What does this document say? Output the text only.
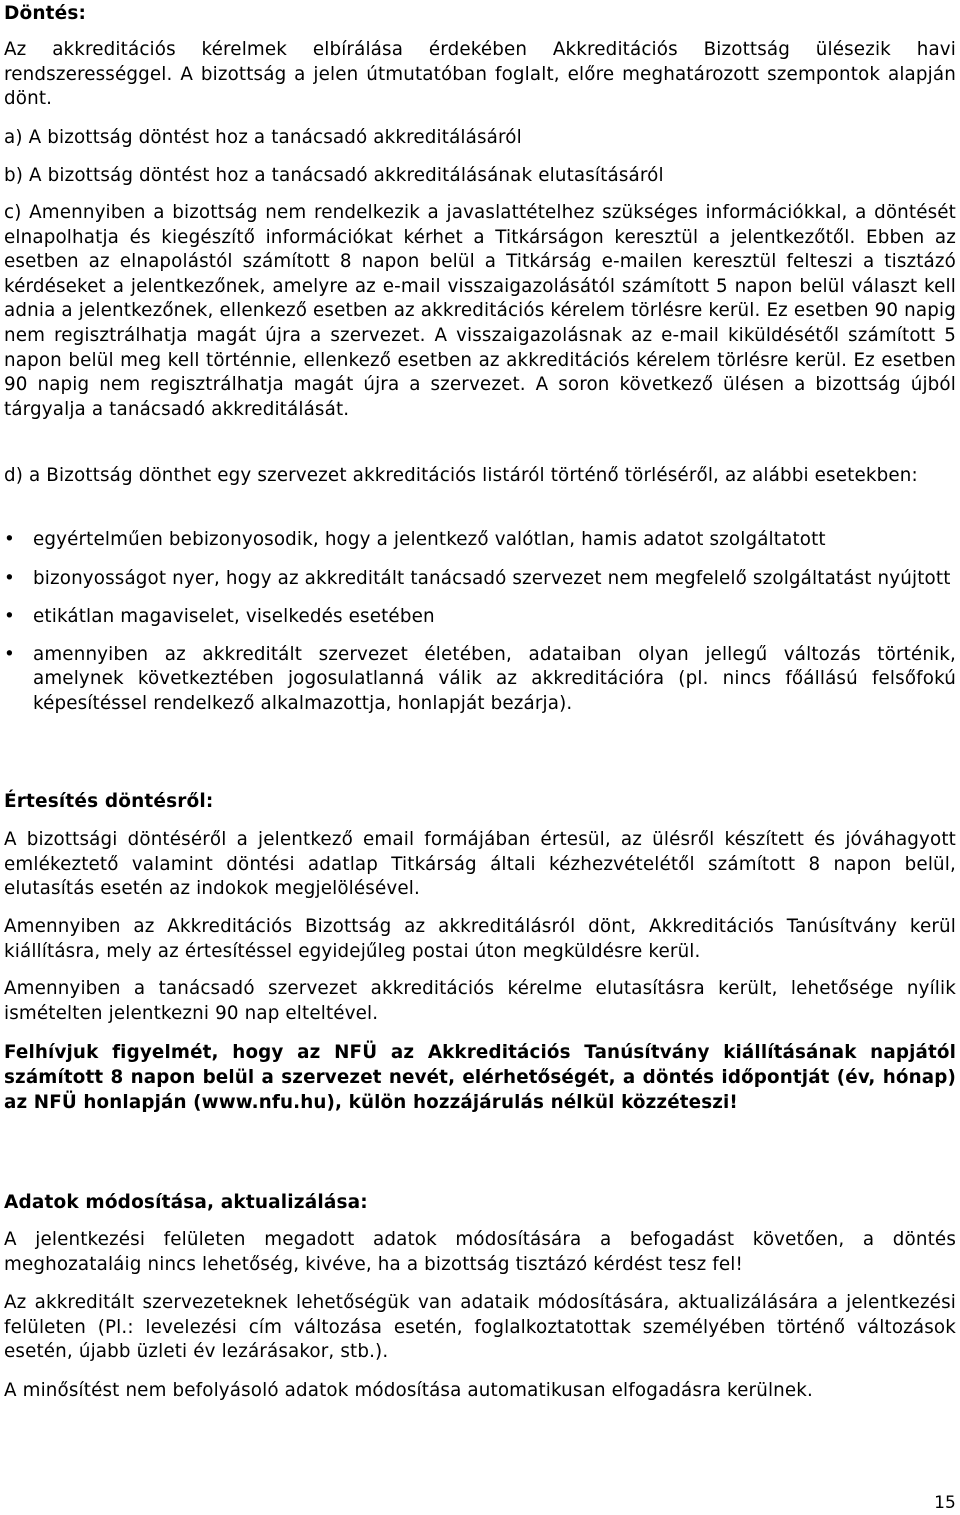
Döntés:

Az akkreditációs kérelmek elbírálása érdekében Akkreditációs Bizottság ülésezik havi rendszerességgel. A bizottság a jelen útmutatóban foglalt, előre meghatározott szempontok alapján dönt.

a) A bizottság döntést hoz a tanácsadó akkreditálásáról

b) A bizottság döntést hoz a tanácsadó akkreditálásának elutasításáról

c) Amennyiben a bizottság nem rendelkezik a javaslattételhez szükséges információkkal, a döntését elnapolhatja és kiegészítő információkat kérhet a Titkárságon keresztül a jelentkezőtől. Ebben az esetben az elnapolástól számított 8 napon belül a Titkárság e-mailen keresztül felteszi a tisztázó kérdéseket a jelentkezőnek, amelyre az e-mail visszaigazolásától számított 5 napon belül választ kell adnia a jelentkezőnek, ellenkező esetben az akkreditációs kérelem törlésre kerül. Ez esetben 90 napig nem regisztrálhatja magát újra a szervezet. A visszaigazolásnak az e-mail kiküldésétől számított 5 napon belül meg kell történnie, ellenkező esetben az akkreditációs kérelem törlésre kerül. Ez esetben 90 napig nem regisztrálhatja magát újra a szervezet. A soron következő ülésen a bizottság újból tárgyalja a tanácsadó akkreditálását.

d) a Bizottság dönthet egy szervezet akkreditációs listáról történő törléséről, az alábbi esetekben:

• egyértelműen bebizonyosodik, hogy a jelentkező valótlan, hamis adatot szolgáltatott
• bizonyosságot nyer, hogy az akkreditált tanácsadó szervezet nem megfelelő szolgáltatást nyújtott
• etikátlan magaviselet, viselkedés esetében
• amennyiben az akkreditált szervezet életében, adataiban olyan jellegű változás történik, amelynek következtében jogosulatlanná válik az akkreditációra (pl. nincs főállású felsőfokú képesítéssel rendelkező alkalmazottja, honlapját bezárja).
Értesítés döntésről:

A bizottsági döntéséről a jelentkező email formájában értesül, az ülésről készített és jóváhagyott emlékeztető valamint döntési adatlap Titkárság általi kézhezvételétől számított 8 napon belül, elutasítás esetén az indokok megjelölésével.

Amennyiben az Akkreditációs Bizottság az akkreditálásról dönt, Akkreditációs Tanúsítvány kerül kiállításra, mely az értesítéssel egyidejűleg postai úton megküldésre kerül.

Amennyiben a tanácsadó szervezet akkreditációs kérelme elutasításra került, lehetősége nyílik ismételten jelentkezni 90 nap elteltével.

Felhívjuk figyelmét, hogy az NFÜ az Akkreditációs Tanúsítvány kiállításának napjától számított 8 napon belül a szervezet nevét, elérhetőségét, a döntés időpontját (év, hónap) az NFÜ honlapján (www.nfu.hu), külön hozzájárulás nélkül közzéteszi!

Adatok módosítása, aktualizálása:

A jelentkezési felületen megadott adatok módosítására a befogadást követően, a döntés meghozataláig nincs lehetőség, kivéve, ha a bizottság tisztázó kérdést tesz fel!

Az akkreditált szervezeteknek lehetőségük van adataik módosítására, aktualizálására a jelentkezési felületen (Pl.: levelezési cím változása esetén, foglalkoztatottak személyében történő változások esetén, újabb üzleti év lezárásakor, stb.).

A minősítést nem befolyásoló adatok módosítása automatikusan elfogadásra kerülnek.

15
